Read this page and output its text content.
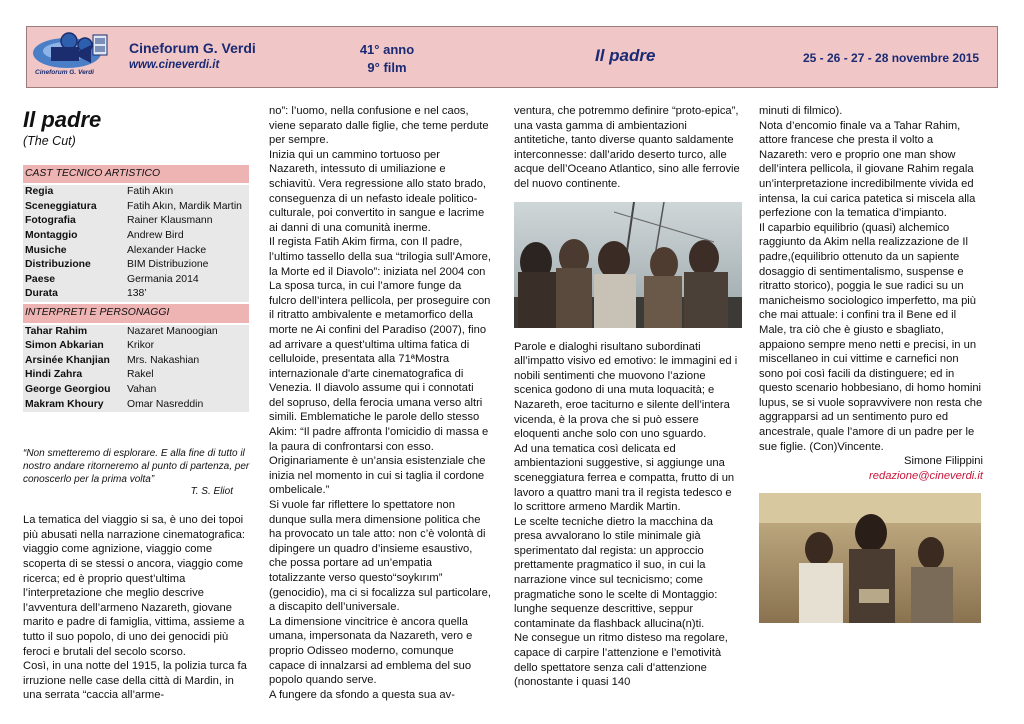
Cineforum G. Verdi
Cineforum G. Verdi
www.cineverdi.it
41° anno
9° film
Il padre	25 - 26 - 27 - 28 novembre 2015
Il padre
(The Cut)
CAST TECNICO ARTISTICO
Regia	Fatih Akın
Sceneggiatura	Fatih Akın, Mardik Martin
Fotografia	Rainer Klausmann
Montaggio	Andrew Bird
Musiche	Alexander Hacke
Distribuzione	BIM Distribuzione
Paese	Germania 2014
Durata	138’
INTERPRETI E PERSONAGGI
Tahar Rahim	Nazaret Manoogian
Simon Abkarian	Krikor
Arsinée Khanjian	Mrs. Nakashian
Hindi Zahra	Rakel
George Georgiou	Vahan
Makram Khoury	Omar Nasreddin

“Non smetteremo di esplorare. E alla fine di tutto il nostro andare ritorneremo al punto di partenza, per conoscerlo per la prima volta”

T. S. Eliot

La tematica del viaggio si sa, è uno dei topoi più abusati nella narrazione cinematografica: viaggio come agnizione, viaggio come scoperta di se stessi o ancora, viaggio come ricerca; ed è proprio quest’ultima l’interpretazione che meglio descrive l’avventura dell’armeno Nazareth, giovane marito e padre di famiglia, vittima, assieme a tutto il suo popolo, di uno dei genocidi più feroci e brutali del secolo scorso.

Così, in una notte del 1915, la polizia turca fa irruzione nelle case della città di Mardin, in una serrata “caccia all’arme-

no”: l’uomo, nella confusione e nel caos, viene separato dalle figlie, che teme perdute per sempre.

Inizia qui un cammino tortuoso per Nazareth, intessuto di umiliazione e schiavitù. Vera regressione allo stato brado, conseguenza di un nefasto ideale politico-culturale, poi convertito in sangue e lacrime ai danni di una comunità inerme.

Il regista Fatih Akim firma, con Il padre, l’ultimo tassello della sua “trilogia sull’Amore, la Morte ed il Diavolo”: iniziata nel 2004 con La sposa turca, in cui l’amore funge da fulcro dell’intera pellicola, per proseguire con il ritratto ambivalente e metamorfico della morte ne Ai confini del Paradiso (2007), fino ad arrivare a quest’ultima ultima fatica di celluloide, presentata alla 71ªMostra internazionale d'arte cinematografica di Venezia. Il diavolo assume qui i connotati del sopruso, della ferocia umana verso altri simili. Emblematiche le parole dello stesso Akim: “Il padre affronta l’omicidio di massa e la paura di confrontarsi con esso. Originariamente è un’ansia esistenziale che inizia nel momento in cui si taglia il cordone ombelicale.”

Si vuole far riflettere lo spettatore non dunque sulla mera dimensione politica che ha provocato un tale atto: non c’è volontà di dipingere un quadro d’insieme esaustivo, che possa portare ad un’empatia totalizzante verso questo“soykırım” (genocidio), ma ci si focalizza sul particolare, a discapito dell’universale.

La dimensione vincitrice è ancora quella umana, impersonata da Nazareth, vero e proprio Odisseo moderno, comunque capace di innalzarsi ad emblema del suo popolo quando serve.

A fungere da sfondo a questa sua av-

ventura, che potremmo definire “proto-epica”, una vasta gamma di ambientazioni antitetiche, tanto diverse quanto saldamente interconnesse: dall’arido deserto turco, alle acque dell’Oceano Atlantico, sino alle ferrovie del nuovo continente.

Parole e dialoghi risultano subordinati all’impatto visivo ed emotivo: le immagini ed i nobili sentimenti che muovono l’azione scenica godono di una muta loquacità; e Nazareth, eroe taciturno e silente dell’intera vicenda, è la prova che si può essere eloquenti anche solo con uno sguardo.

Ad una tematica così delicata ed ambientazioni suggestive, si aggiunge una sceneggiatura ferrea e compatta, frutto di un lavoro a quattro mani tra il regista tedesco e lo scrittore armeno Mardik Martin.

Le scelte tecniche dietro la macchina da presa avvalorano lo stile minimale già sperimentato dal regista: un approccio prettamente pragmatico il suo, in cui la narrazione vince sul tecnicismo; come pragmatiche sono le scelte di Montaggio: lunghe sequenze descrittive, seppur contaminate da flashback allucina(n)ti.

Ne consegue un ritmo disteso ma regolare, capace di carpire l’attenzione e l’emotività dello spettatore senza cali d’attenzione (nonostante i quasi 140

minuti di filmico).

Nota d’encomio finale va a Tahar Rahim, attore francese che presta il volto a Nazareth: vero e proprio one man show dell’intera pellicola, il giovane Rahim regala un’interpretazione incredibilmente vivida ed intensa, la cui carica patetica si miscela alla perfezione con la tematica d’impianto.

Il caparbio equilibrio (quasi) alchemico raggiunto da Akim nella realizzazione de Il padre,(equilibrio ottenuto da un sapiente dosaggio di sentimentalismo, suspense e ritratto storico), poggia le sue radici su un manicheismo sociologico imperfetto, ma più che mai attuale: i confini tra il Bene ed il Male, tra ciò che è giusto e sbagliato, appaiono sempre meno netti e precisi, in un miscellaneo in cui vittime e carnefici non sono poi così facili da distinguere; ed in questo scenario hobbesiano, di homo homini lupus, se si vuole sopravvivere non resta che aggrapparsi ad un sentimento puro ed ancestrale, quale l’amore di un padre per le sue figlie. (Con)Vincente.

Simone Filippini

redazione@cineverdi.it
